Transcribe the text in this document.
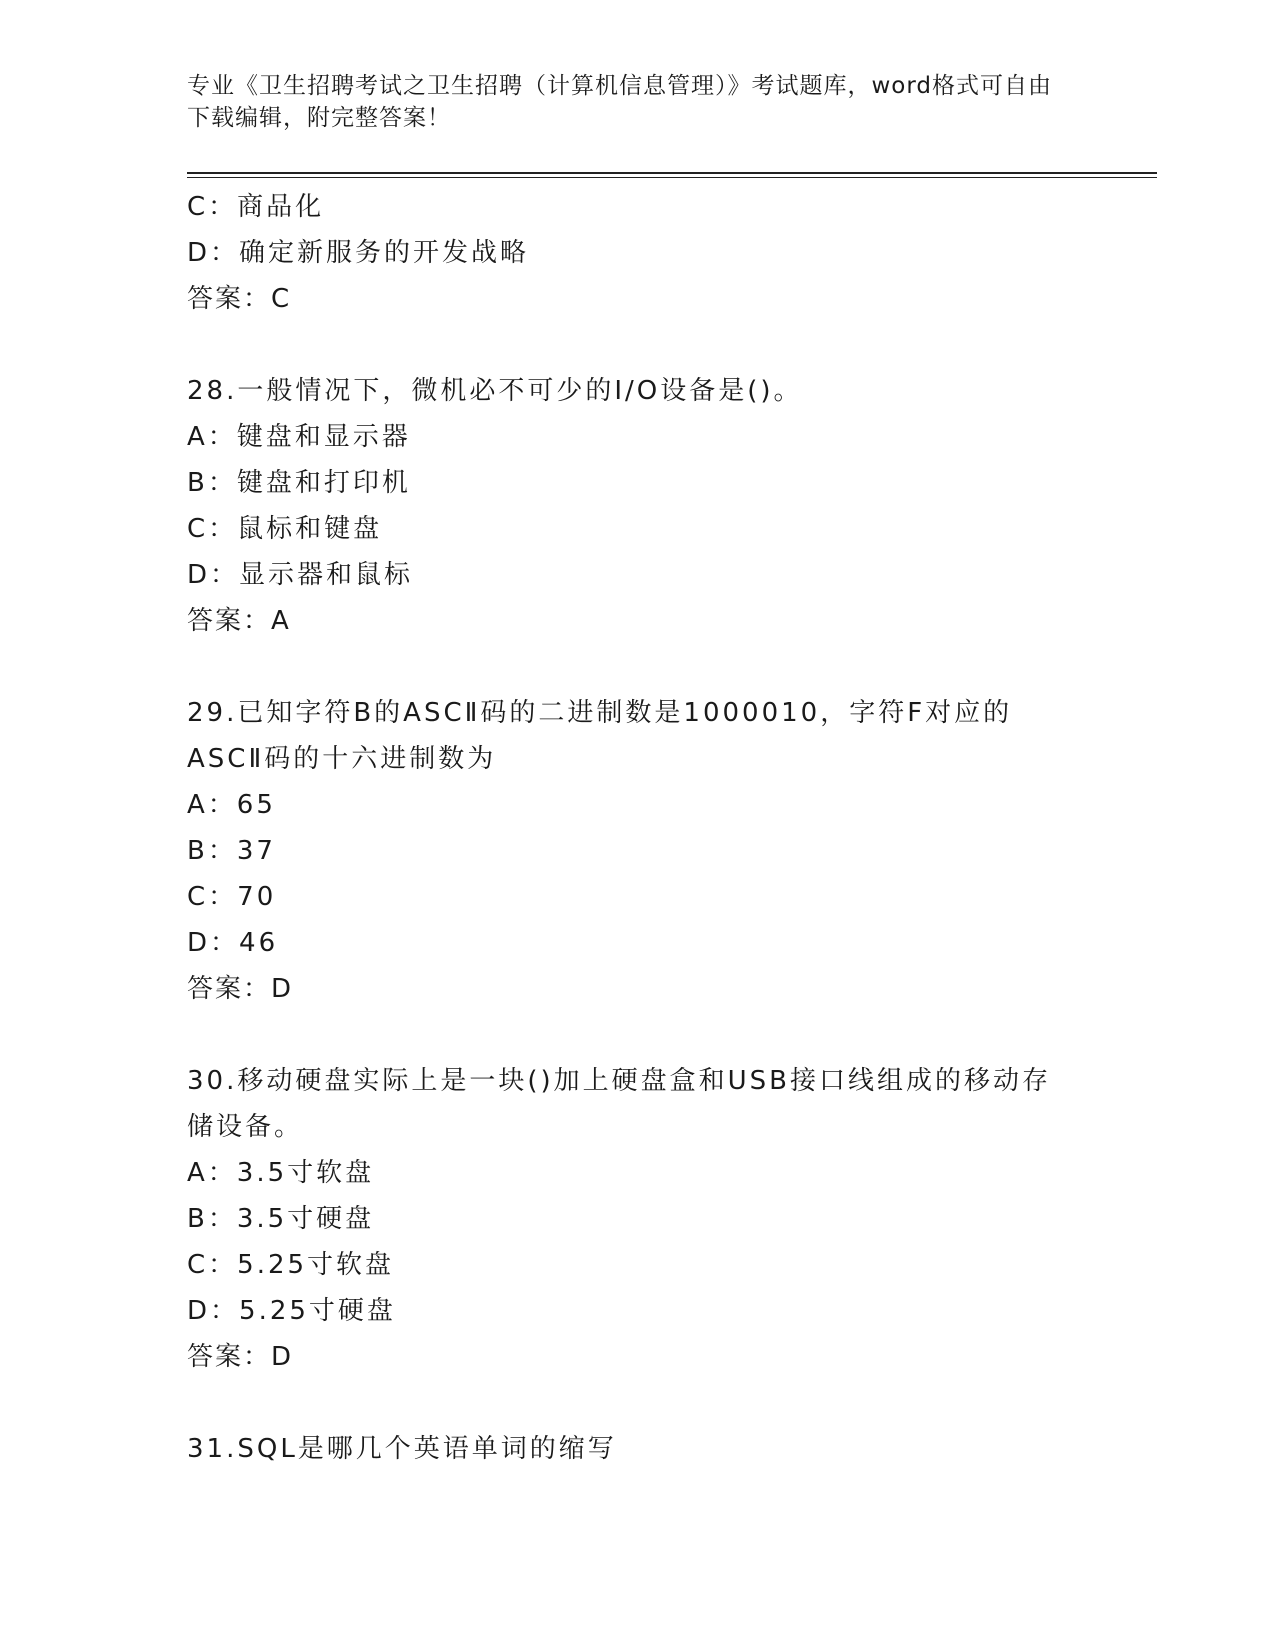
专业《卫生招聘考试之卫生招聘（计算机信息管理）》考试题库，word格式可自由下载编辑，附完整答案！
C：商品化
D：确定新服务的开发战略
答案：C
28.一般情况下，微机必不可少的I/O设备是()。
A：键盘和显示器
B：键盘和打印机
C：鼠标和键盘
D：显示器和鼠标
答案：A
29.已知字符B的ASCⅡ码的二进制数是1000010，字符F对应的ASCⅡ码的十六进制数为
A：65
B：37
C：70
D：46
答案：D
30.移动硬盘实际上是一块()加上硬盘盒和USB接口线组成的移动存储设备。
A：3.5寸软盘
B：3.5寸硬盘
C：5.25寸软盘
D：5.25寸硬盘
答案：D
31.SQL是哪几个英语单词的缩写
